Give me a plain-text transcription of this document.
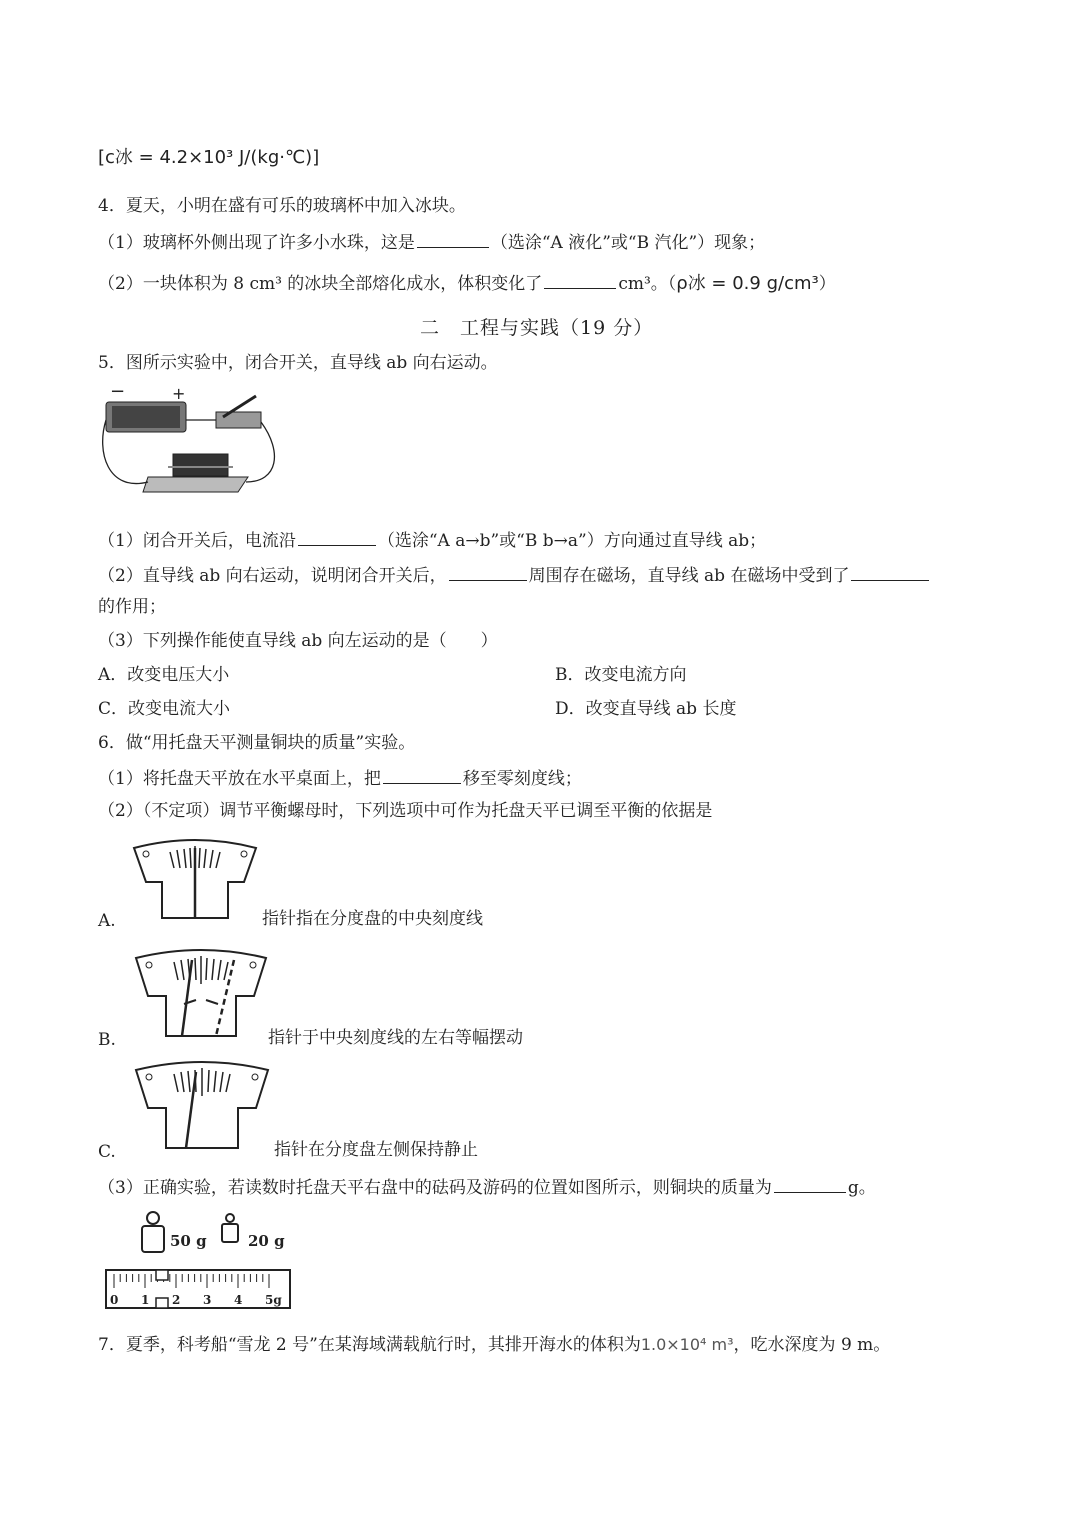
[c冰 = 4.2×10³ J/(kg·℃)]
4．夏天，小明在盛有可乐的玻璃杯中加入冰块。
（1）玻璃杯外侧出现了许多小水珠，这是	（选涂“A 液化”或“B 汽化”）现象；
（2）一块体积为 8 cm³ 的冰块全部熔化成水，体积变化了	cm³。（ρ冰 = 0.9 g/cm³）
二　工程与实践（19 分）
5．图所示实验中，闭合开关，直导线 ab 向右运动。
−	+
（1）闭合开关后，电流沿	（选涂“A a→b”或“B b→a”）方向通过直导线 ab；
（2）直导线 ab 向右运动，说明闭合开关后，	周围存在磁场，直导线 ab 在磁场中受到了
的作用；
（3）下列操作能使直导线 ab 向左运动的是（　　）
A．改变电压大小	B．改变电流方向
C．改变电流大小	D．改变直导线 ab 长度
6．做“用托盘天平测量铜块的质量”实验。
（1）将托盘天平放在水平桌面上，把	移至零刻度线；
（2）（不定项）调节平衡螺母时，下列选项中可作为托盘天平已调至平衡的依据是
A.	指针指在分度盘的中央刻度线
B.	指针于中央刻度线的左右等幅摆动
C.	指针在分度盘左侧保持静止
（3）正确实验，若读数时托盘天平右盘中的砝码及游码的位置如图所示，则铜块的质量为	g。
50 g	20 g
0 1 2 3 4 5g
7．夏季，科考船“雪龙 2 号”在某海域满载航行时，其排开海水的体积为1.0×10⁴ m³，吃水深度为 9 m。
